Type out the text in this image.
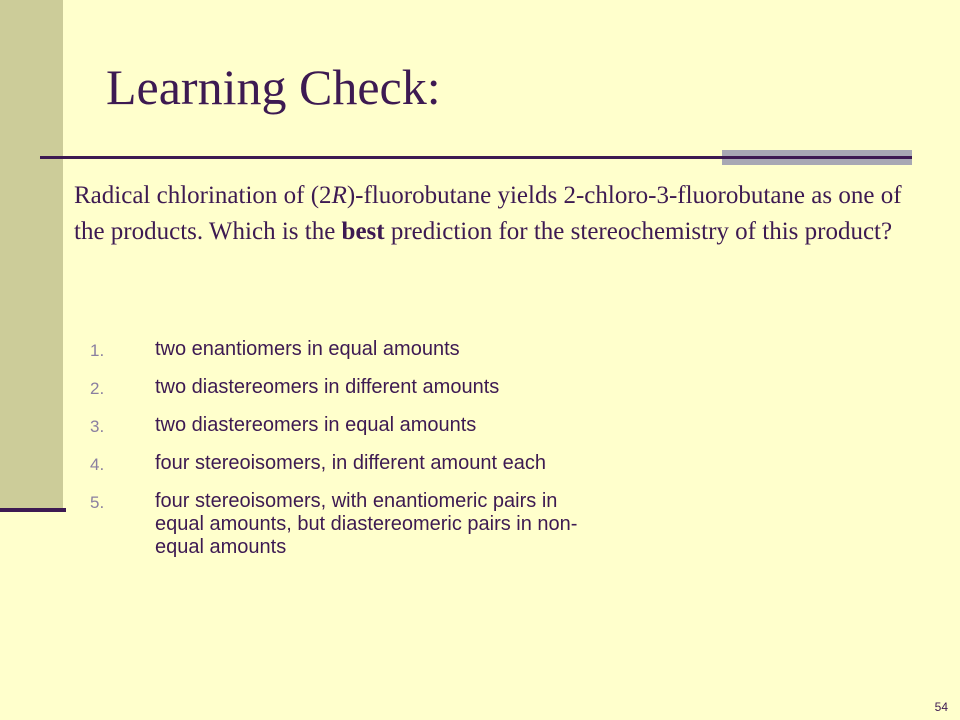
Learning Check:
Radical chlorination of (2R)-fluorobutane yields 2-chloro-3-fluorobutane as one of the products. Which is the best prediction for the stereochemistry of this product?
1.	two enantiomers in equal amounts
2.	two diastereomers in different amounts
3.	two diastereomers in equal amounts
4.	four stereoisomers, in different amount each
5.	four stereoisomers, with enantiomeric pairs in equal amounts, but diastereomeric pairs in non-equal amounts
54
